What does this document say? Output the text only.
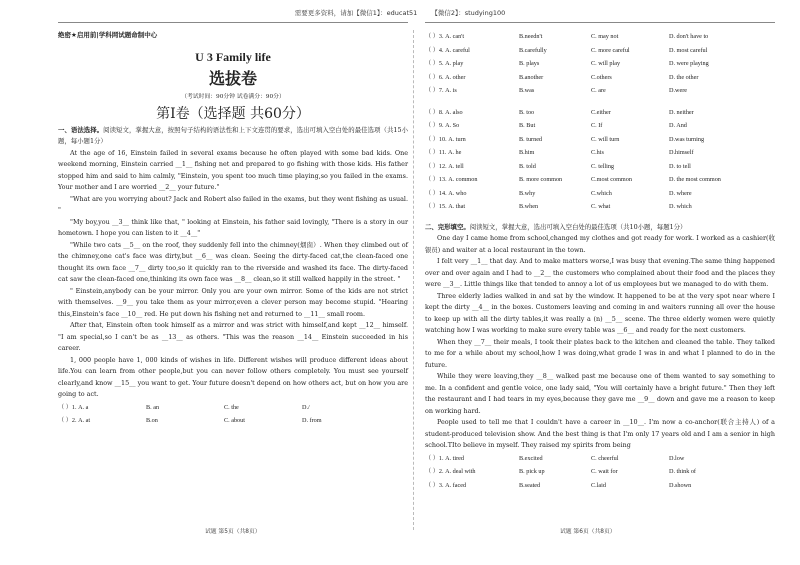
需要更多资料，请加【微信1】：educat51 【微信2】：studying100
绝密★启用前|学科网试题命制中心
U 3 Family life
选拔卷
（考试时间：90分钟 试卷满分：90分）
第Ⅰ卷（选择题 共60分）

一、语法选择。阅读短文，掌握大意，按照句子结构的语法性和上下文连贯的要求，选出可填入空白处的最佳选项（共15小题，每小题1分）

At the age of 16, Einstein failed in several exams because he often played with some bad kids. One weekend morning, Einstein carried __1__ fishing net and prepared to go fishing with those kids. His father stopped him and said to him calmly, "Einstein, you spent too much time playing,so you failed in the exams. Your mother and I are worried __2__ your future."

"What are you worrying about? Jack and Robert also failed in the exams, but they went fishing as usual. "

"My boy,you __3__ think like that, " looking at Einstein, his father said lovingly, "There is a story in our hometown. I hope you can listen to it __4__"

"While two cats __5__ on the roof, they suddenly fell into the chimney(烟囱）. When they climbed out of the chimney,one cat's face was dirty,but __6__ was clean. Seeing the dirty-faced cat,the clean-faced one thought its own face __7__ dirty too,so it quickly ran to the riverside and washed its face. The dirty-faced cat saw the clean-faced one,thinking its own face was __8__ clean,so it still walked happily in the street. "

" Einstein,anybody can be your mirror. Only you are your own mirror. Some of the kids are not strict with themselves. __9__ you take them as your mirror,even a clever person may become stupid. "Hearing this,Einstein's face __10__ red. He put down his fishing net and returned to __11__ small room.

After that, Einstein often took himself as a mirror and was strict with himself,and kept __12__ himself. "I am special,so I can't be as __13__ as others. "This was the reason __14__ Einstein succeeded in his career.

1, 000 people have 1, 000 kinds of wishes in life. Different wishes will produce different ideas about life.You can learn from other people,but you can never follow others completely. You must see yourself clearly,and know __15__ you want to get. Your future doesn't depend on how others act, but on how you are going to act.

（ ）1. A. a	B. an	C. the	D./
（ ）2. A. at	B.on	C. about	D. from
（ ）3. A. can't	B.needn't	C. may not	D. don't have to
（ ）4. A. careful	B.carefully	C. more careful	D. most careful
（ ）5. A. play	B. plays	C. will play	D. were playing
（ ）6. A. other	B.another	C.others	D. the other
（ ）7. A. is	B.was	C. are	D.were
（ ）8. A. also	B. too	C.either	D. neither
（ ）9. A. So	B. But	C. If	D. And
（ ）10. A. turn	B. turned	C. will turn	D.was turning
（ ）11. A. he	B.him	C.his	D.himself
（ ）12. A. tell	B. told	C. telling	D. to tell
（ ）13. A. common	B. more common	C.most common	D. the most common
（ ）14. A. who	B.why	C.which	D. where
（ ）15. A. that	B.when	C. what	D. which

二、完形填空。阅读短文，掌握大意，选出可填入空白处的最佳选项（共10小题，每题1分）

One day I came home from school,changed my clothes and got ready for work. I worked as a cashier(收银员) and waiter at a local restaurant in the town.

I felt very __1__ that day. And to make matters worse,I was busy that evening.The same thing happened over and over again and I had to __2__ the customers who complained about their food and the places they were __3__. Little things like that tended to annoy a lot of us employees but we managed to do with them.

Three elderly ladies walked in and sat by the window. It happened to be at the very spot near where I kept the dirty __4__ in the boxes. Customers leaving and coming in and waiters running all over the house to keep up with all the dirty tables,it was really a (n) __5__ scene. The three elderly women were quietly watching how I was working to make sure every table was __6__ and ready for the next customers.

When they __7__ their meals, I took their plates back to the kitchen and cleaned the table. They talked to me for a while about my school,how I was doing,what grade I was in and what I planned to do in the future.

While they were leaving,they __8__ walked past me because one of them wanted to say something to me. In a confident and gentle voice, one lady said, "You will certainly have a bright future." Then they left the restaurant and I had tears in my eyes,because they gave me __9__ down and gave me a reason to keep on working hard.

People used to tell me that I couldn't have a career in __10__. I'm now a co-anchor(联合主持人) of a student-produced television show. And the best thing is that I'm only 17 years old and I am a senior in high school.TIto believe in myself. They raised my spirits from being

（ ）1. A. tired	B.excited	C. cheerful	D.low
（ ）2. A. deal with	B. pick up	C. wait for	D. think of
（ ）3. A. faced	B.seated	C.laid	D.shown
试题 第5页（共8页）	试题 第6页（共8页）
